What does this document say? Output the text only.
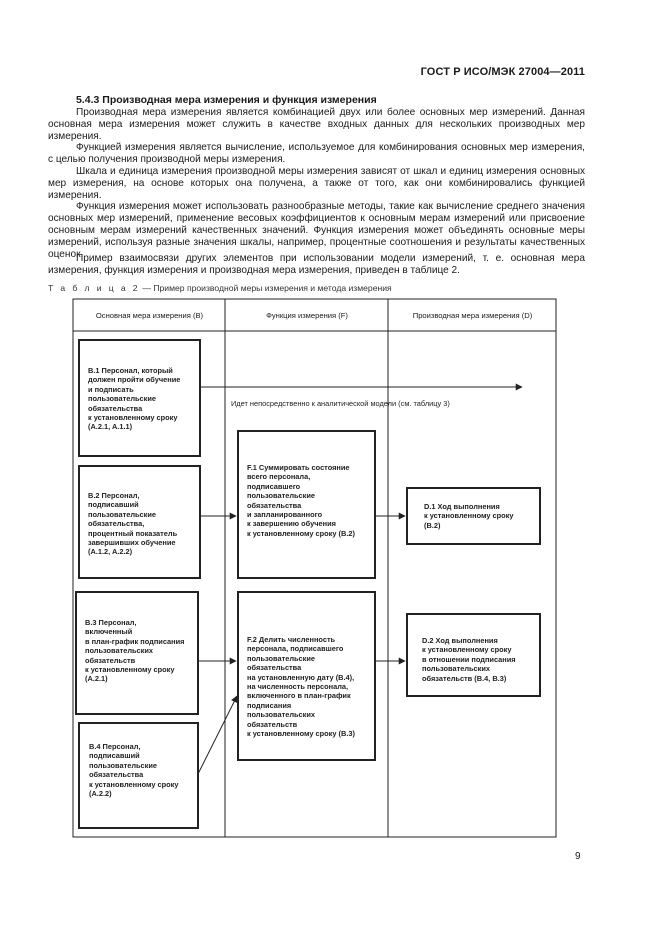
ГОСТ Р ИСО/МЭК 27004—2011
5.4.3 Производная мера измерения и функция измерения
Производная мера измерения является комбинацией двух или более основных мер измерений. Данная основная мера измерения может служить в качестве входных данных для нескольких производных мер измерения.
Функцией измерения является вычисление, используемое для комбинирования основных мер измерения, с целью получения производной меры измерения.
Шкала и единица измерения производной меры измерения зависят от шкал и единиц измерения основных мер измерения, на основе которых она получена, а также от того, как они комбинировались функцией измерения.
Функция измерения может использовать разнообразные методы, такие как вычисление среднего значения основных мер измерений, применение весовых коэффициентов к основным мерам измерений или присвоение основным мерам измерений качественных значений. Функция измерения может объединять основные меры измерений, используя разные значения шкалы, например, процентные соотношения и результаты качественных оценок.
Пример взаимосвязи других элементов при использовании модели измерений, т. е. основная мера измерения, функция измерения и производная мера измерения, приведен в таблице 2.
Т а б л и ц а 2 — Пример производной меры измерения и метода измерения
Основная мера измерения (B)	Функция измерения (F)	Производная мера измерения (D)
Идет непосредственно к аналитической модели (см. таблицу 3)
B.1 Персонал, который
должен пройти обучение
и подписать
пользовательские
обязательства
к установленному сроку
(A.2.1, A.1.1)
B.2 Персонал,
подписавший
пользовательские
обязательства,
процентный показатель
завершивших обучение
(A.1.2, A.2.2)
B.3 Персонал,
включенный
в план-график подписания
пользовательских
обязательств
к установленному сроку
(A.2.1)
B.4 Персонал,
подписавший
пользовательские
обязательства
к установленному сроку
(A.2.2)
F.1 Суммировать состояние
всего персонала,
подписавшего
пользовательские
обязательства
и запланированного
к завершению обучения
к установленному сроку (B.2)
F.2 Делить численность
персонала, подписавшего
пользовательские
обязательства
на установленную дату (B.4),
на численность персонала,
включенного в план-график
подписания
пользовательских
обязательств
к установленному сроку (B.3)
D.1 Ход выполнения
к установленному сроку
(B.2)
D.2 Ход выполнения
к установленному сроку
в отношении подписания
пользовательских
обязательств (B.4, B.3)
9
